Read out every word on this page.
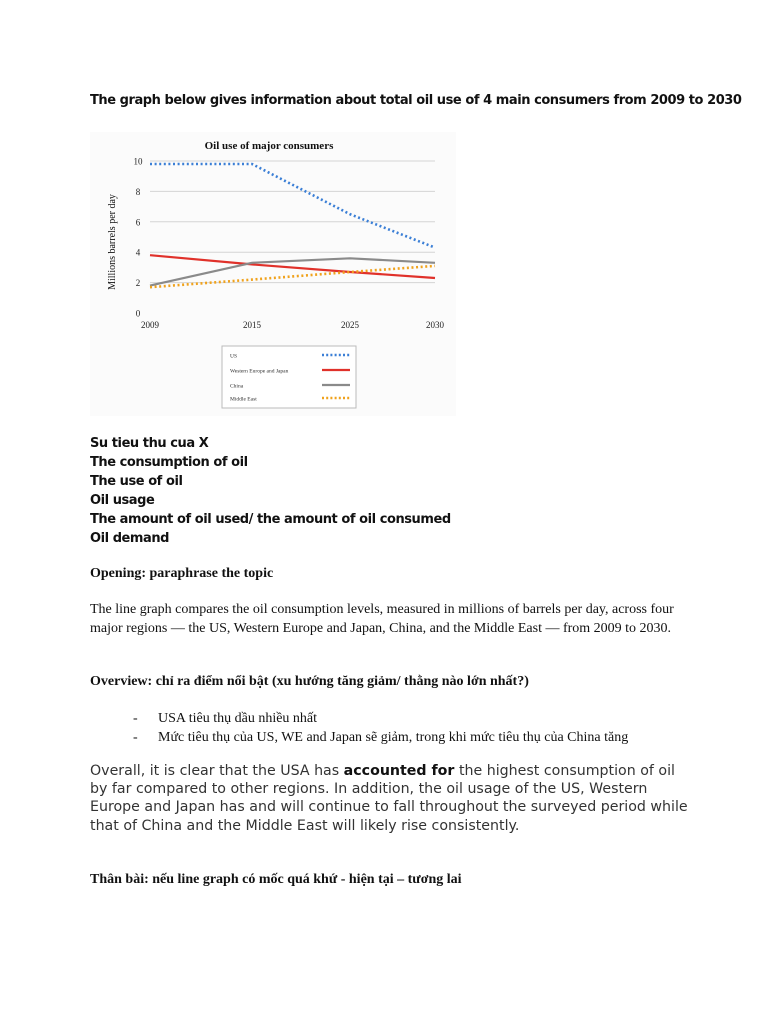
The graph below gives information about total oil use of 4 main consumers from 2009 to 2030
Oil use of major consumers
0
2
4
6
8
10
2009	2015	2025	2030
Millions barrels per day
US
Western Europe and Japan
China
Middle East
Su tieu thu cua X
The consumption of oil
The use of oil
Oil usage
The amount of oil used/ the amount of oil consumed
Oil demand
Opening: paraphrase the topic
The line graph compares the oil consumption levels, measured in millions of barrels per day, across four major regions — the US, Western Europe and Japan, China, and the Middle East — from 2009 to 2030.
Overview: chỉ ra điểm nổi bật (xu hướng tăng giảm/ thằng nào lớn nhất?)
- USA tiêu thụ dầu nhiều nhất
- Mức tiêu thụ của US, WE and Japan sẽ giảm, trong khi mức tiêu thụ của China tăng
Overall, it is clear that the USA has accounted for the highest consumption of oil by far compared to other regions. In addition, the oil usage of the US, Western Europe and Japan has and will continue to fall throughout the surveyed period while that of China and the Middle East will likely rise consistently.
Thân bài: nếu line graph có mốc quá khứ - hiện tại – tương lai
